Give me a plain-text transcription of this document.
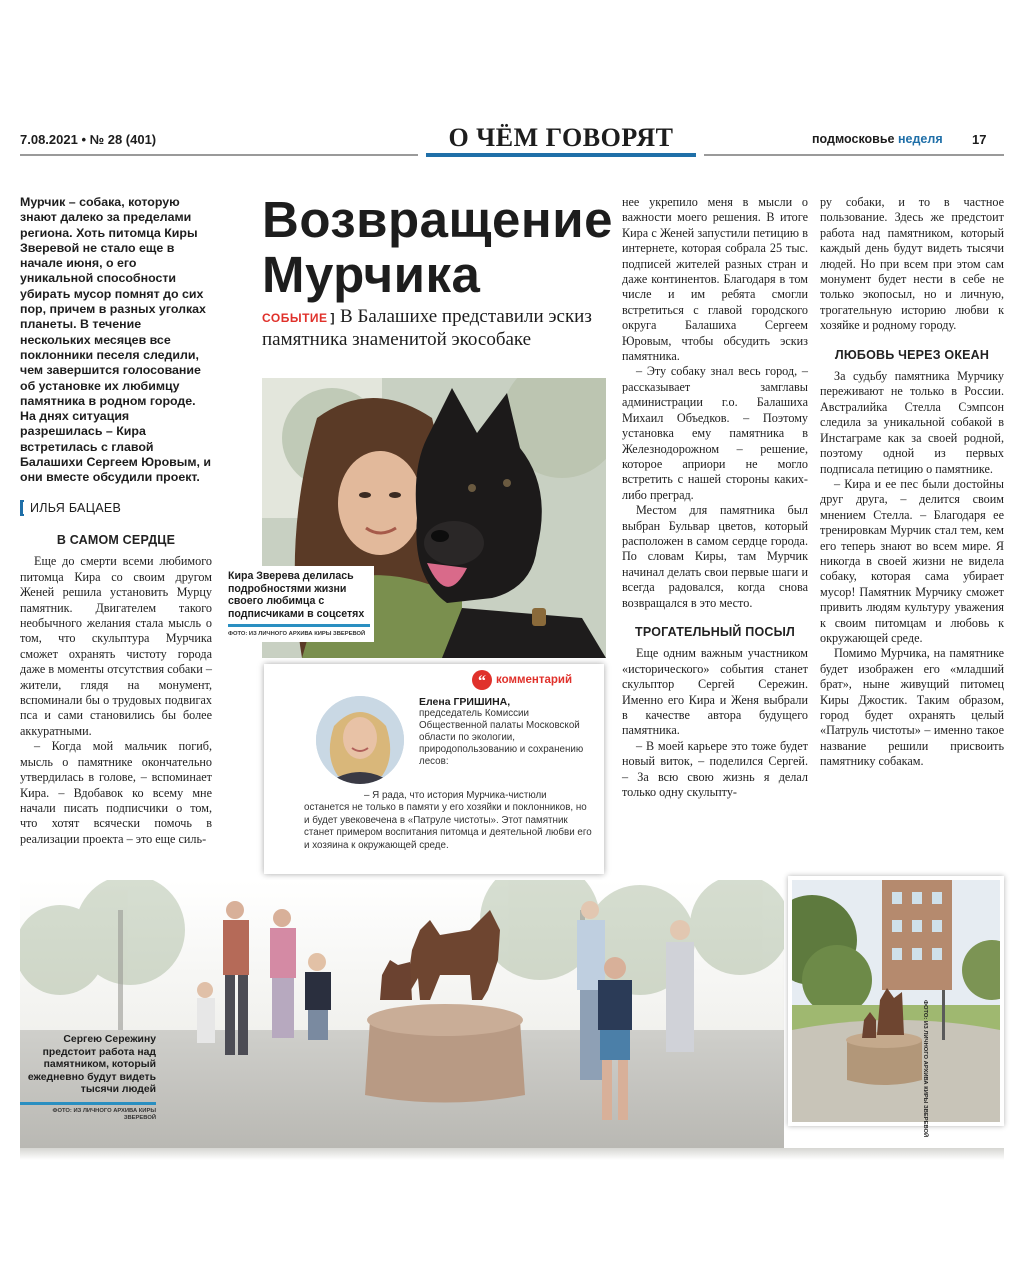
7.08.2021 • № 28 (401)	О ЧЁМ ГОВОРЯТ	подмосковье неделя 17
Мурчик – собака, которую знают далеко за пределами региона. Хоть питомца Киры Зверевой не стало еще в начале июня, о его уникальной способности убирать мусор помнят до сих пор, причем в разных уголках планеты. В течение нескольких месяцев все поклонники песеля следили, чем завершится голосование об установке их любимцу памятника в родном городе. На днях ситуация разрешилась – Кира встретилась с главой Балашихи Сергеем Юровым, и они вместе обсудили проект.
ИЛЬЯ БАЦАЕВ
В САМОМ СЕРДЦЕ

Еще до смерти всеми любимого питомца Кира со своим другом Женей решила установить Мурцу памятник. Двигателем такого необычного желания стала мысль о том, что скульптура Мурчика сможет охранять чистоту города даже в моменты отсутствия собаки – жители, глядя на монумент, вспоминали бы о трудовых подвигах пса и сами становились бы более аккуратными.

– Когда мой мальчик погиб, мысль о памятнике окончательно утвердилась в голове, – вспоминает Кира. – Вдобавок ко всему мне начали писать подписчики о том, что хотят всячески помочь в реализации проекта – это еще силь-

Возвращение
Мурчика
СОБЫТИЕ ] В Балашихе представили эскиз памятника знаменитой экособаке
Кира Зверева делилась подробностями жизни своего любимца с подписчиками в соцсетях
ФОТО: ИЗ ЛИЧНОГО АРХИВА КИРЫ ЗВЕРЕВОЙ
“ комментарий
Елена ГРИШИНА,
председатель Комиссии Общественной палаты Московской области по экологии, природопользованию и сохранению лесов:
– Я рада, что история Мурчика-чистюли останется не только в памяти у его хозяйки и поклонников, но и будет увековечена в «Патруле чистоты». Этот памятник станет примером воспитания питомца и деятельной любви его и хозяина к окружающей среде.

нее укрепило меня в мысли о важности моего решения. В итоге Кира с Женей запустили петицию в интернете, которая собрала 25 тыс. подписей жителей разных стран и даже континентов. Благодаря в том числе и им ребята смогли встретиться с главой городского округа Балашиха Сергеем Юровым, чтобы обсудить эскиз памятника.

– Эту собаку знал весь город, – рассказывает замглавы администрации г.о. Балашиха Михаил Объедков. – Поэтому установка ему памятника в Железнодорожном – решение, которое априори не могло встретить с нашей стороны каких-либо преград.

Местом для памятника был выбран Бульвар цветов, который расположен в самом сердце города. По словам Киры, там Мурчик начинал делать свои первые шаги и всегда радовался, когда снова возвращался в это место.

ТРОГАТЕЛЬНЫЙ ПОСЫЛ

Еще одним важным участником «исторического» события станет скульптор Сергей Сережин. Именно его Кира и Женя выбрали в качестве автора будущего памятника.

– В моей карьере это тоже будет новый виток, – поделился Сергей. – За всю свою жизнь я делал только одну скульпту-

ру собаки, и то в частное пользование. Здесь же предстоит работа над памятником, который каждый день будут видеть тысячи людей. Но при всем при этом сам монумент будет нести в себе не только экопосыл, но и личную, трогательную историю любви к хозяйке и родному городу.

ЛЮБОВЬ ЧЕРЕЗ ОКЕАН

За судьбу памятника Мурчику переживают не только в России. Австралийка Стелла Сэмпсон следила за уникальной собакой в Инстаграме как за своей родной, поэтому одной из первых подписала петицию о памятнике.

– Кира и ее пес были достойны друг друга, – делится своим мнением Стелла. – Благодаря ее тренировкам Мурчик стал тем, кем его теперь знают во всем мире. Я никогда в своей жизни не видела собаку, которая сама убирает мусор! Памятник Мурчику сможет привить людям культуру уважения к своим питомцам и любовь к окружающей среде.

Помимо Мурчика, на памятнике будет изображен его «младший брат», ныне живущий питомец Киры Джостик. Таким образом, город будет охранять целый «Патруль чистоты» – именно такое название решили присвоить памятнику собакам.

Сергею Сережину предстоит работа над памятником, который ежедневно будут видеть тысячи людей
ФОТО: ИЗ ЛИЧНОГО АРХИВА КИРЫ ЗВЕРЕВОЙ	ФОТО: ИЗ ЛИЧНОГО АРХИВА КИРЫ ЗВЕРЕВОЙ
